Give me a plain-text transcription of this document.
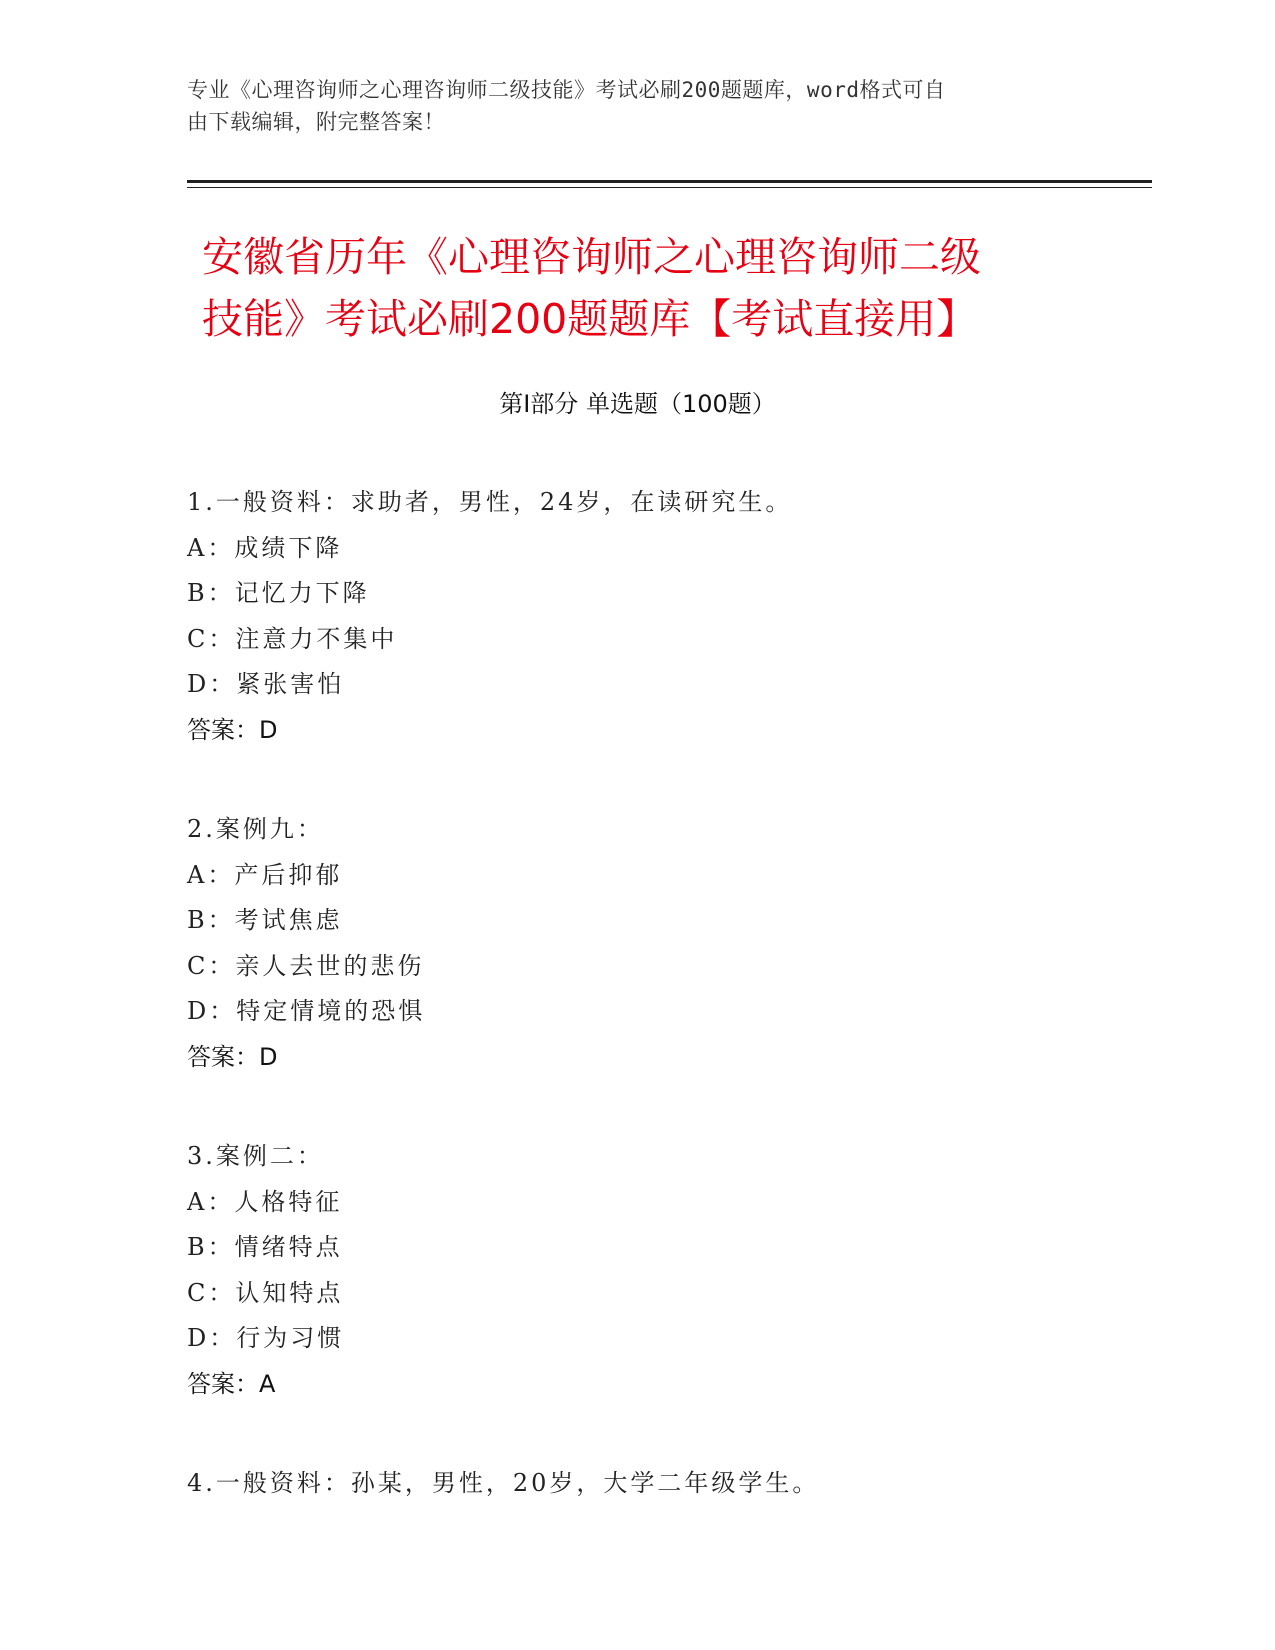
专业《心理咨询师之心理咨询师二级技能》考试必刷200题题库，word格式可自
由下载编辑，附完整答案！
安徽省历年《心理咨询师之心理咨询师二级
技能》考试必刷200题题库【考试直接用】
第Ⅰ部分 单选题（100题）
1.一般资料：求助者，男性，24岁，在读研究生。
A：成绩下降
B：记忆力下降
C：注意力不集中
D：紧张害怕
答案：D
2.案例九：
A：产后抑郁
B：考试焦虑
C：亲人去世的悲伤
D：特定情境的恐惧
答案：D
3.案例二：
A：人格特征
B：情绪特点
C：认知特点
D：行为习惯
答案：A
4.一般资料：孙某，男性，20岁，大学二年级学生。
